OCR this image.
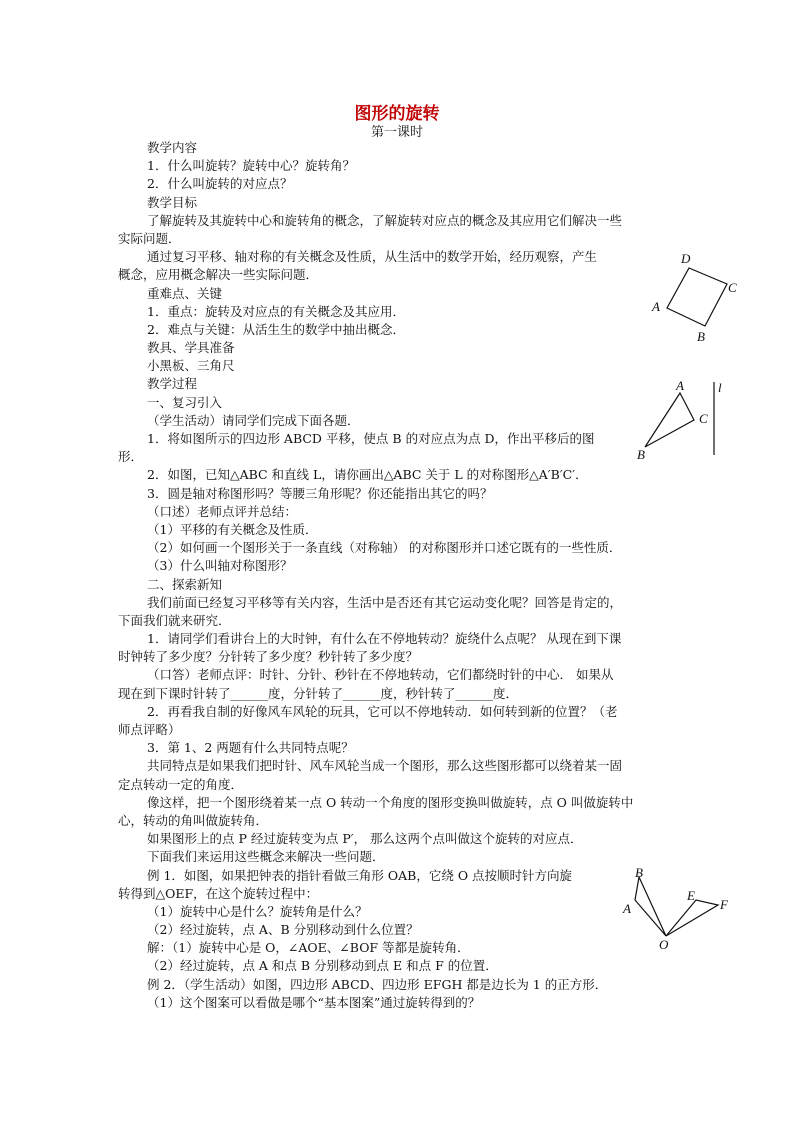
图形的旋转
第一课时
教学内容
1．什么叫旋转？旋转中心？旋转角？
2．什么叫旋转的对应点？
教学目标
了解旋转及其旋转中心和旋转角的概念，了解旋转对应点的概念及其应用它们解决一些
实际问题．
通过复习平移、轴对称的有关概念及性质，从生活中的数学开始，经历观察，产生
概念，应用概念解决一些实际问题．
重难点、关键
1．重点：旋转及对应点的有关概念及其应用．
2．难点与关键：从活生生的数学中抽出概念．
教具、学具准备
小黑板、三角尺
教学过程
一、复习引入
（学生活动）请同学们完成下面各题．
1．将如图所示的四边形 ABCD 平移，使点 B 的对应点为点 D，作出平移后的图
形．
2．如图，已知△ABC 和直线 L，请你画出△ABC 关于 L 的对称图形△A′B′C′．
3．圆是轴对称图形吗？等腰三角形呢？你还能指出其它的吗？
（口述）老师点评并总结：
（1）平移的有关概念及性质．
（2）如何画一个图形关于一条直线（对称轴） 的对称图形并口述它既有的一些性质．
（3）什么叫轴对称图形？
二、探索新知
我们前面已经复习平移等有关内容，生活中是否还有其它运动变化呢？回答是肯定的，
下面我们就来研究．
1．请同学们看讲台上的大时钟，有什么在不停地转动？旋绕什么点呢？ 从现在到下课
时钟转了多少度？分针转了多少度？秒针转了多少度？
（口答）老师点评：时针、分针、秒针在不停地转动，它们都绕时针的中心． 如果从
现在到下课时针转了______度，分针转了______度，秒针转了______度．
2．再看我自制的好像风车风轮的玩具，它可以不停地转动．如何转到新的位置？（老
师点评略）
3．第 1、2 两题有什么共同特点呢？
共同特点是如果我们把时针、风车风轮当成一个图形，那么这些图形都可以绕着某一固
定点转动一定的角度．
像这样，把一个图形绕着某一点 O 转动一个角度的图形变换叫做旋转，点 O 叫做旋转中
心，转动的角叫做旋转角．
如果图形上的点 P 经过旋转变为点 P′， 那么这两个点叫做这个旋转的对应点．
下面我们来运用这些概念来解决一些问题．
例 1．如图，如果把钟表的指针看做三角形 OAB，它绕 O 点按顺时针方向旋
转得到△OEF，在这个旋转过程中：
（1）旋转中心是什么？旋转角是什么？
（2）经过旋转，点 A、B 分别移动到什么位置？
解：（1）旋转中心是 O，∠AOE、∠BOF 等都是旋转角．
（2）经过旋转，点 A 和点 B 分别移动到点 E 和点 F 的位置．
例 2．（学生活动）如图，四边形 ABCD、四边形 EFGH 都是边长为 1 的正方形．
（1）这个图案可以看做是哪个“基本图案”通过旋转得到的？
D
C
A
B
A
C
B
l
B
A
E
F
O
